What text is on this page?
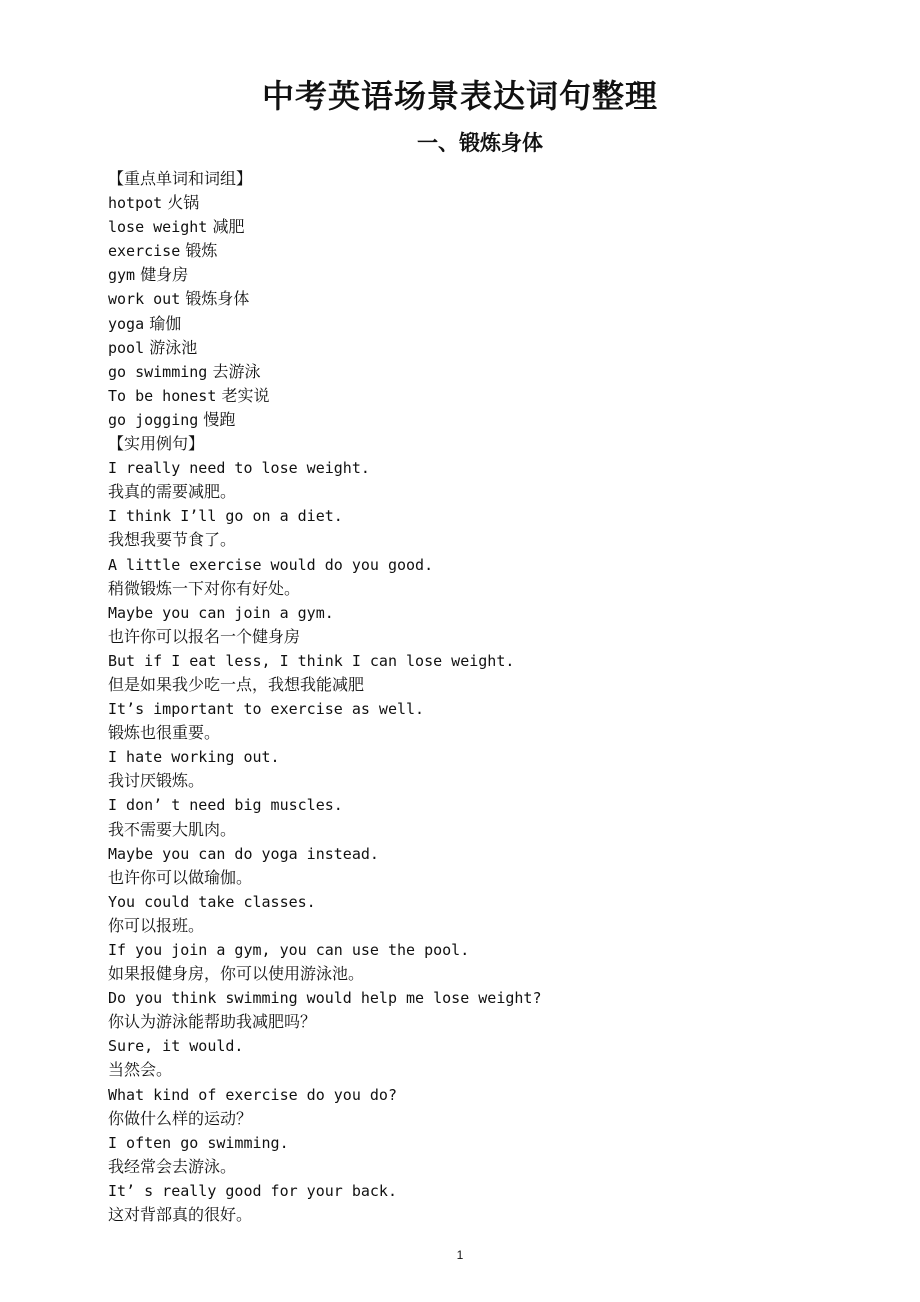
中考英语场景表达词句整理
一、锻炼身体
【重点单词和词组】
hotpot 火锅
lose weight 减肥
exercise 锻炼
gym 健身房
work out 锻炼身体
yoga 瑜伽
pool 游泳池
go swimming 去游泳
To be honest 老实说
go jogging 慢跑
【实用例句】
I really need to lose weight.
我真的需要减肥。
I think I’ll go on a diet.
我想我要节食了。
A little exercise would do you good.
稍微锻炼一下对你有好处。
Maybe you can join a gym.
也许你可以报名一个健身房
But if I eat less, I think I can lose weight.
但是如果我少吃一点，我想我能减肥
It’s important to exercise as well.
锻炼也很重要。
I hate working out.
我讨厌锻炼。
I don’ t need big muscles.
我不需要大肌肉。
Maybe you can do yoga instead.
也许你可以做瑜伽。
You could take classes.
你可以报班。
If you join a gym, you can use the pool.
如果报健身房，你可以使用游泳池。
Do you think swimming would help me lose weight?
你认为游泳能帮助我减肥吗？
Sure, it would.
当然会。
What kind of exercise do you do?
你做什么样的运动？
I often go swimming.
我经常会去游泳。
It’ s really good for your back.
这对背部真的很好。
1
